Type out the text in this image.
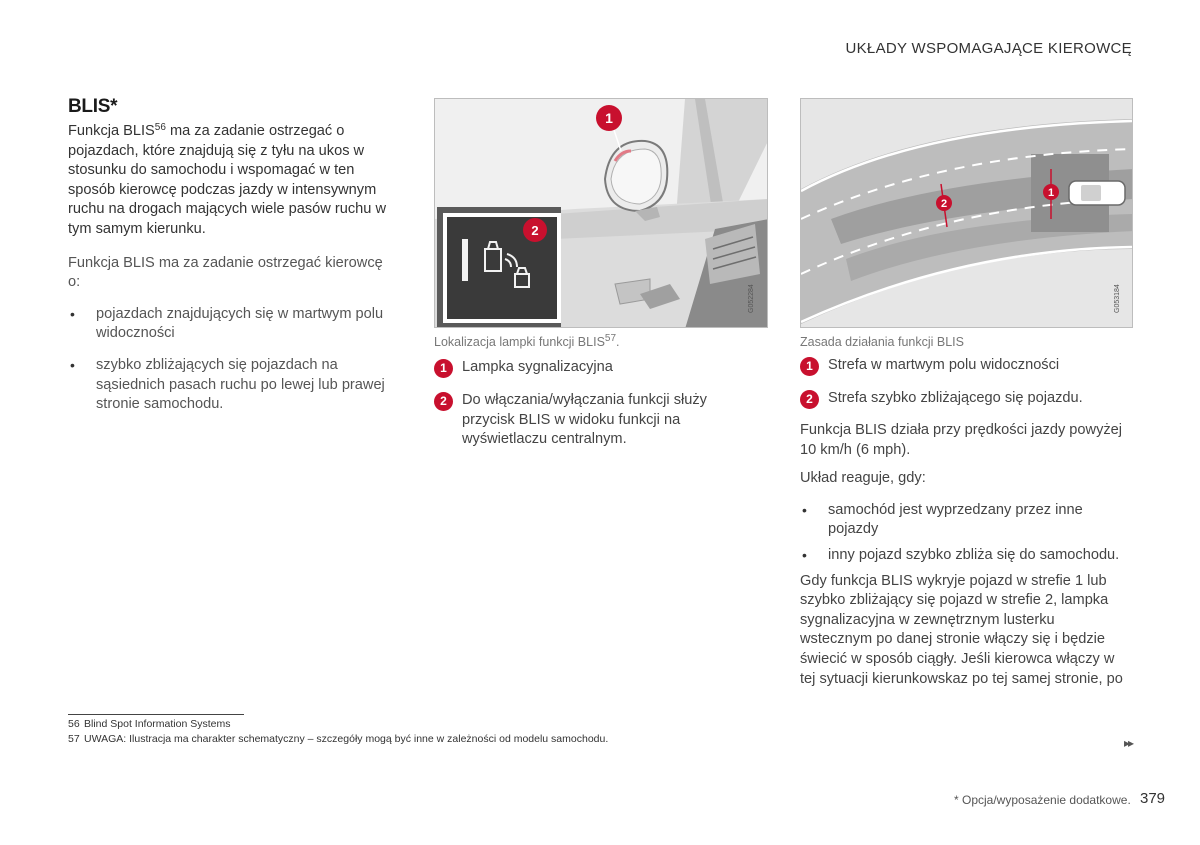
UKŁADY WSPOMAGAJĄCE KIEROWCĘ
BLIS*
Funkcja BLIS$^{56}$ ma za zadanie ostrzegać o pojazdach, które znajdują się z tyłu na ukos w stosunku do samochodu i wspomagać w ten sposób kierowcę podczas jazdy w intensywnym ruchu na drogach mających wiele pasów ruchu w tym samym kierunku.
Funkcja BLIS ma za zadanie ostrzegać kierowcę o:
• pojazdach znajdujących się w martwym polu widoczności
• szybko zbliżających się pojazdach na sąsiednich pasach ruchu po lewej lub prawej stronie samochodu.
1
2
G052284
Lokalizacja lampki funkcji BLIS$^{57}$.
1	Lampka sygnalizacyjna
2	Do włączania/wyłączania funkcji służy przycisk BLIS w widoku funkcji na wyświetlaczu centralnym.
1
2
G053184
Zasada działania funkcji BLIS
1	Strefa w martwym polu widoczności
2	Strefa szybko zbliżającego się pojazdu.
Funkcja BLIS działa przy prędkości jazdy powyżej 10 km/h (6 mph).
Układ reaguje, gdy:
• samochód jest wyprzedzany przez inne pojazdy
• inny pojazd szybko zbliża się do samochodu.
Gdy funkcja BLIS wykryje pojazd w strefie 1 lub szybko zbliżający się pojazd w strefie 2, lampka sygnalizacyjna w zewnętrznym lusterku wstecznym po danej stronie włączy się i będzie świecić w sposób ciągły. Jeśli kierowca włączy w tej sytuacji kierunkowskaz po tej samej stronie, po
56 Blind Spot Information Systems
57 UWAGA: Ilustracja ma charakter schematyczny – szczegóły mogą być inne w zależności od modelu samochodu.	▸▸
* Opcja/wyposażenie dodatkowe. 379
